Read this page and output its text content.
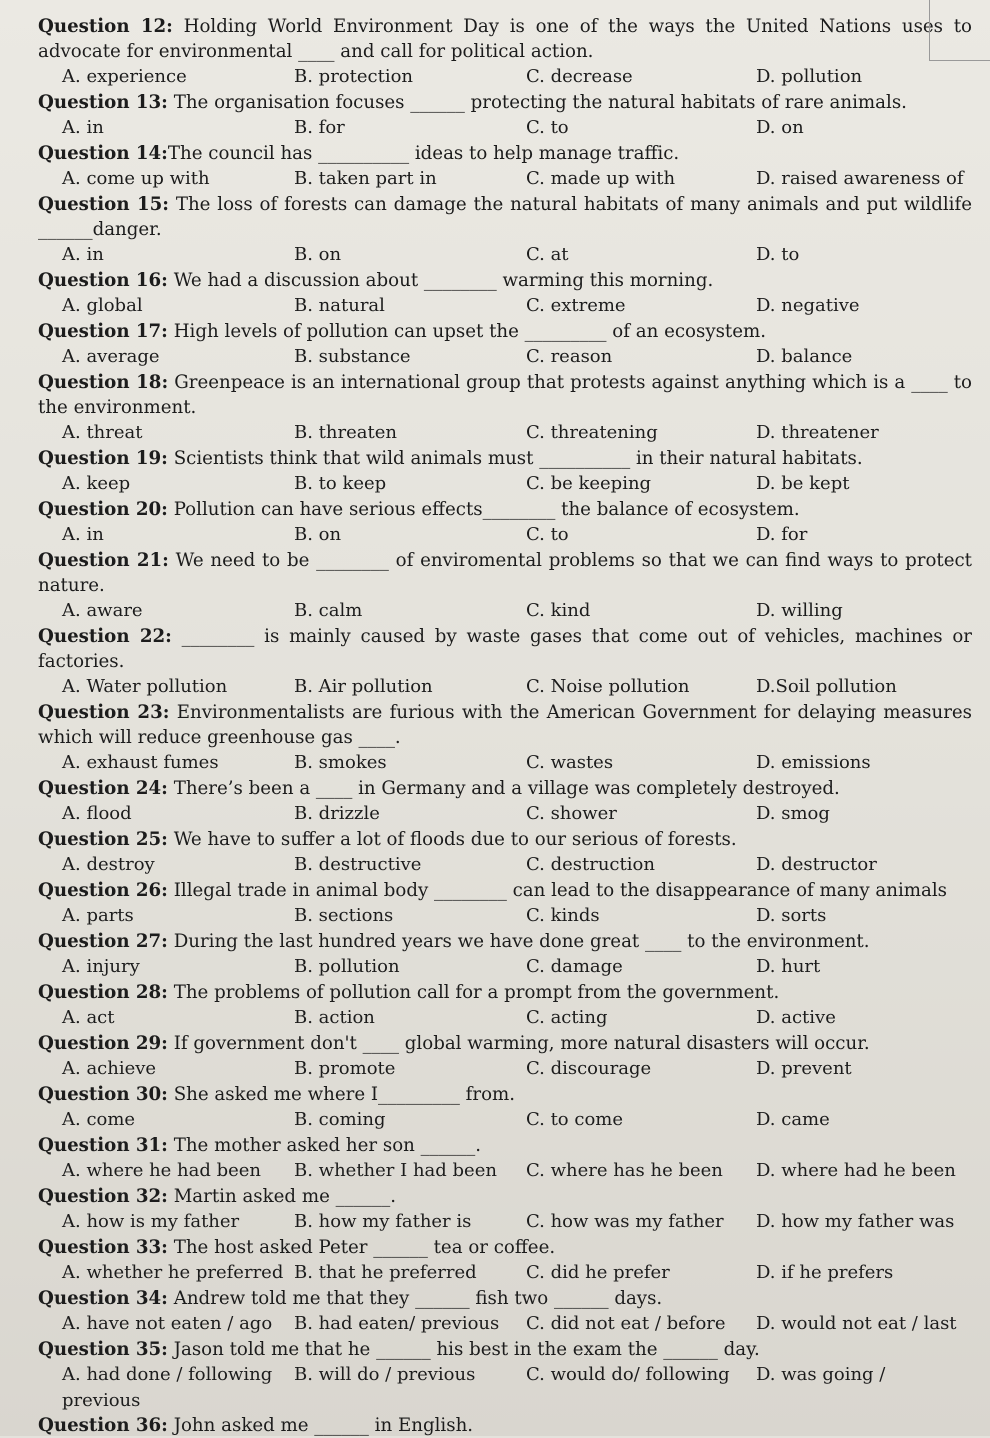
Question 12: Holding World Environment Day is one of the ways the United Nations uses to advocate for environmental ____ and call for political action.
A. experience	B. protection	C. decrease	D. pollution
Question 13: The organisation focuses ______ protecting the natural habitats of rare animals.
A. in	B. for	C. to	D. on
Question 14:The council has __________ ideas to help manage traffic.
A. come up with	B. taken part in	C. made up with	D. raised awareness of
Question 15: The loss of forests can damage the natural habitats of many animals and put wildlife ______danger.
A. in	B. on	C. at	D. to
Question 16: We had a discussion about ________ warming this morning.
A. global	B. natural	C. extreme	D. negative
Question 17: High levels of pollution can upset the _________ of an ecosystem.
A. average	B. substance	C. reason	D. balance
Question 18: Greenpeace is an international group that protests against anything which is a ____ to the environment.
A. threat	B. threaten	C. threatening	D. threatener
Question 19: Scientists think that wild animals must __________ in their natural habitats.
A. keep	B. to keep	C. be keeping	D. be kept
Question 20: Pollution can have serious effects________ the balance of ecosystem.
A. in	B. on	C. to	D. for
Question 21: We need to be ________ of enviromental problems so that we can find ways to protect nature.
A. aware	B. calm	C. kind	D. willing
Question 22: ________ is mainly caused by waste gases that come out of vehicles, machines or factories.
A. Water pollution	B. Air pollution	C. Noise pollution	D.Soil pollution
Question 23: Environmentalists are furious with the American Government for delaying measures which will reduce greenhouse gas ____.
A. exhaust fumes	B. smokes	C. wastes	D. emissions
Question 24: There’s been a ____ in Germany and a village was completely destroyed.
A. flood	B. drizzle	C. shower	D. smog
Question 25: We have to suffer a lot of floods due to our serious of forests.
A. destroy	B. destructive	C. destruction	D. destructor
Question 26: Illegal trade in animal body ________ can lead to the disappearance of many animals
A. parts	B. sections	C. kinds	D. sorts
Question 27: During the last hundred years we have done great ____ to the environment.
A. injury	B. pollution	C. damage	D. hurt
Question 28: The problems of pollution call for a prompt from the government.
A. act	B. action	C. acting	D. active
Question 29: If government don't ____ global warming, more natural disasters will occur.
A. achieve	B. promote	C. discourage	D. prevent
Question 30: She asked me where I_________ from.
A. come	B. coming	C. to come	D. came
Question 31: The mother asked her son ______.
A. where he had been	B. whether I had been	C. where has he been	D. where had he been
Question 32: Martin asked me ______.
A. how is my father	B. how my father is	C. how was my father	D. how my father was
Question 33: The host asked Peter ______ tea or coffee.
A. whether he preferred B. that he preferred	C. did he prefer	D. if he prefers
Question 34: Andrew told me that they ______ fish two ______ days.
A. have not eaten / ago	B. had eaten/ previous	C. did not eat / before	D. would not eat / last
Question 35: Jason told me that he ______ his best in the exam the ______ day.
A. had done / following	B. will do / previous	C. would do/ following	D. was going /
previous
Question 36: John asked me ______ in English.
